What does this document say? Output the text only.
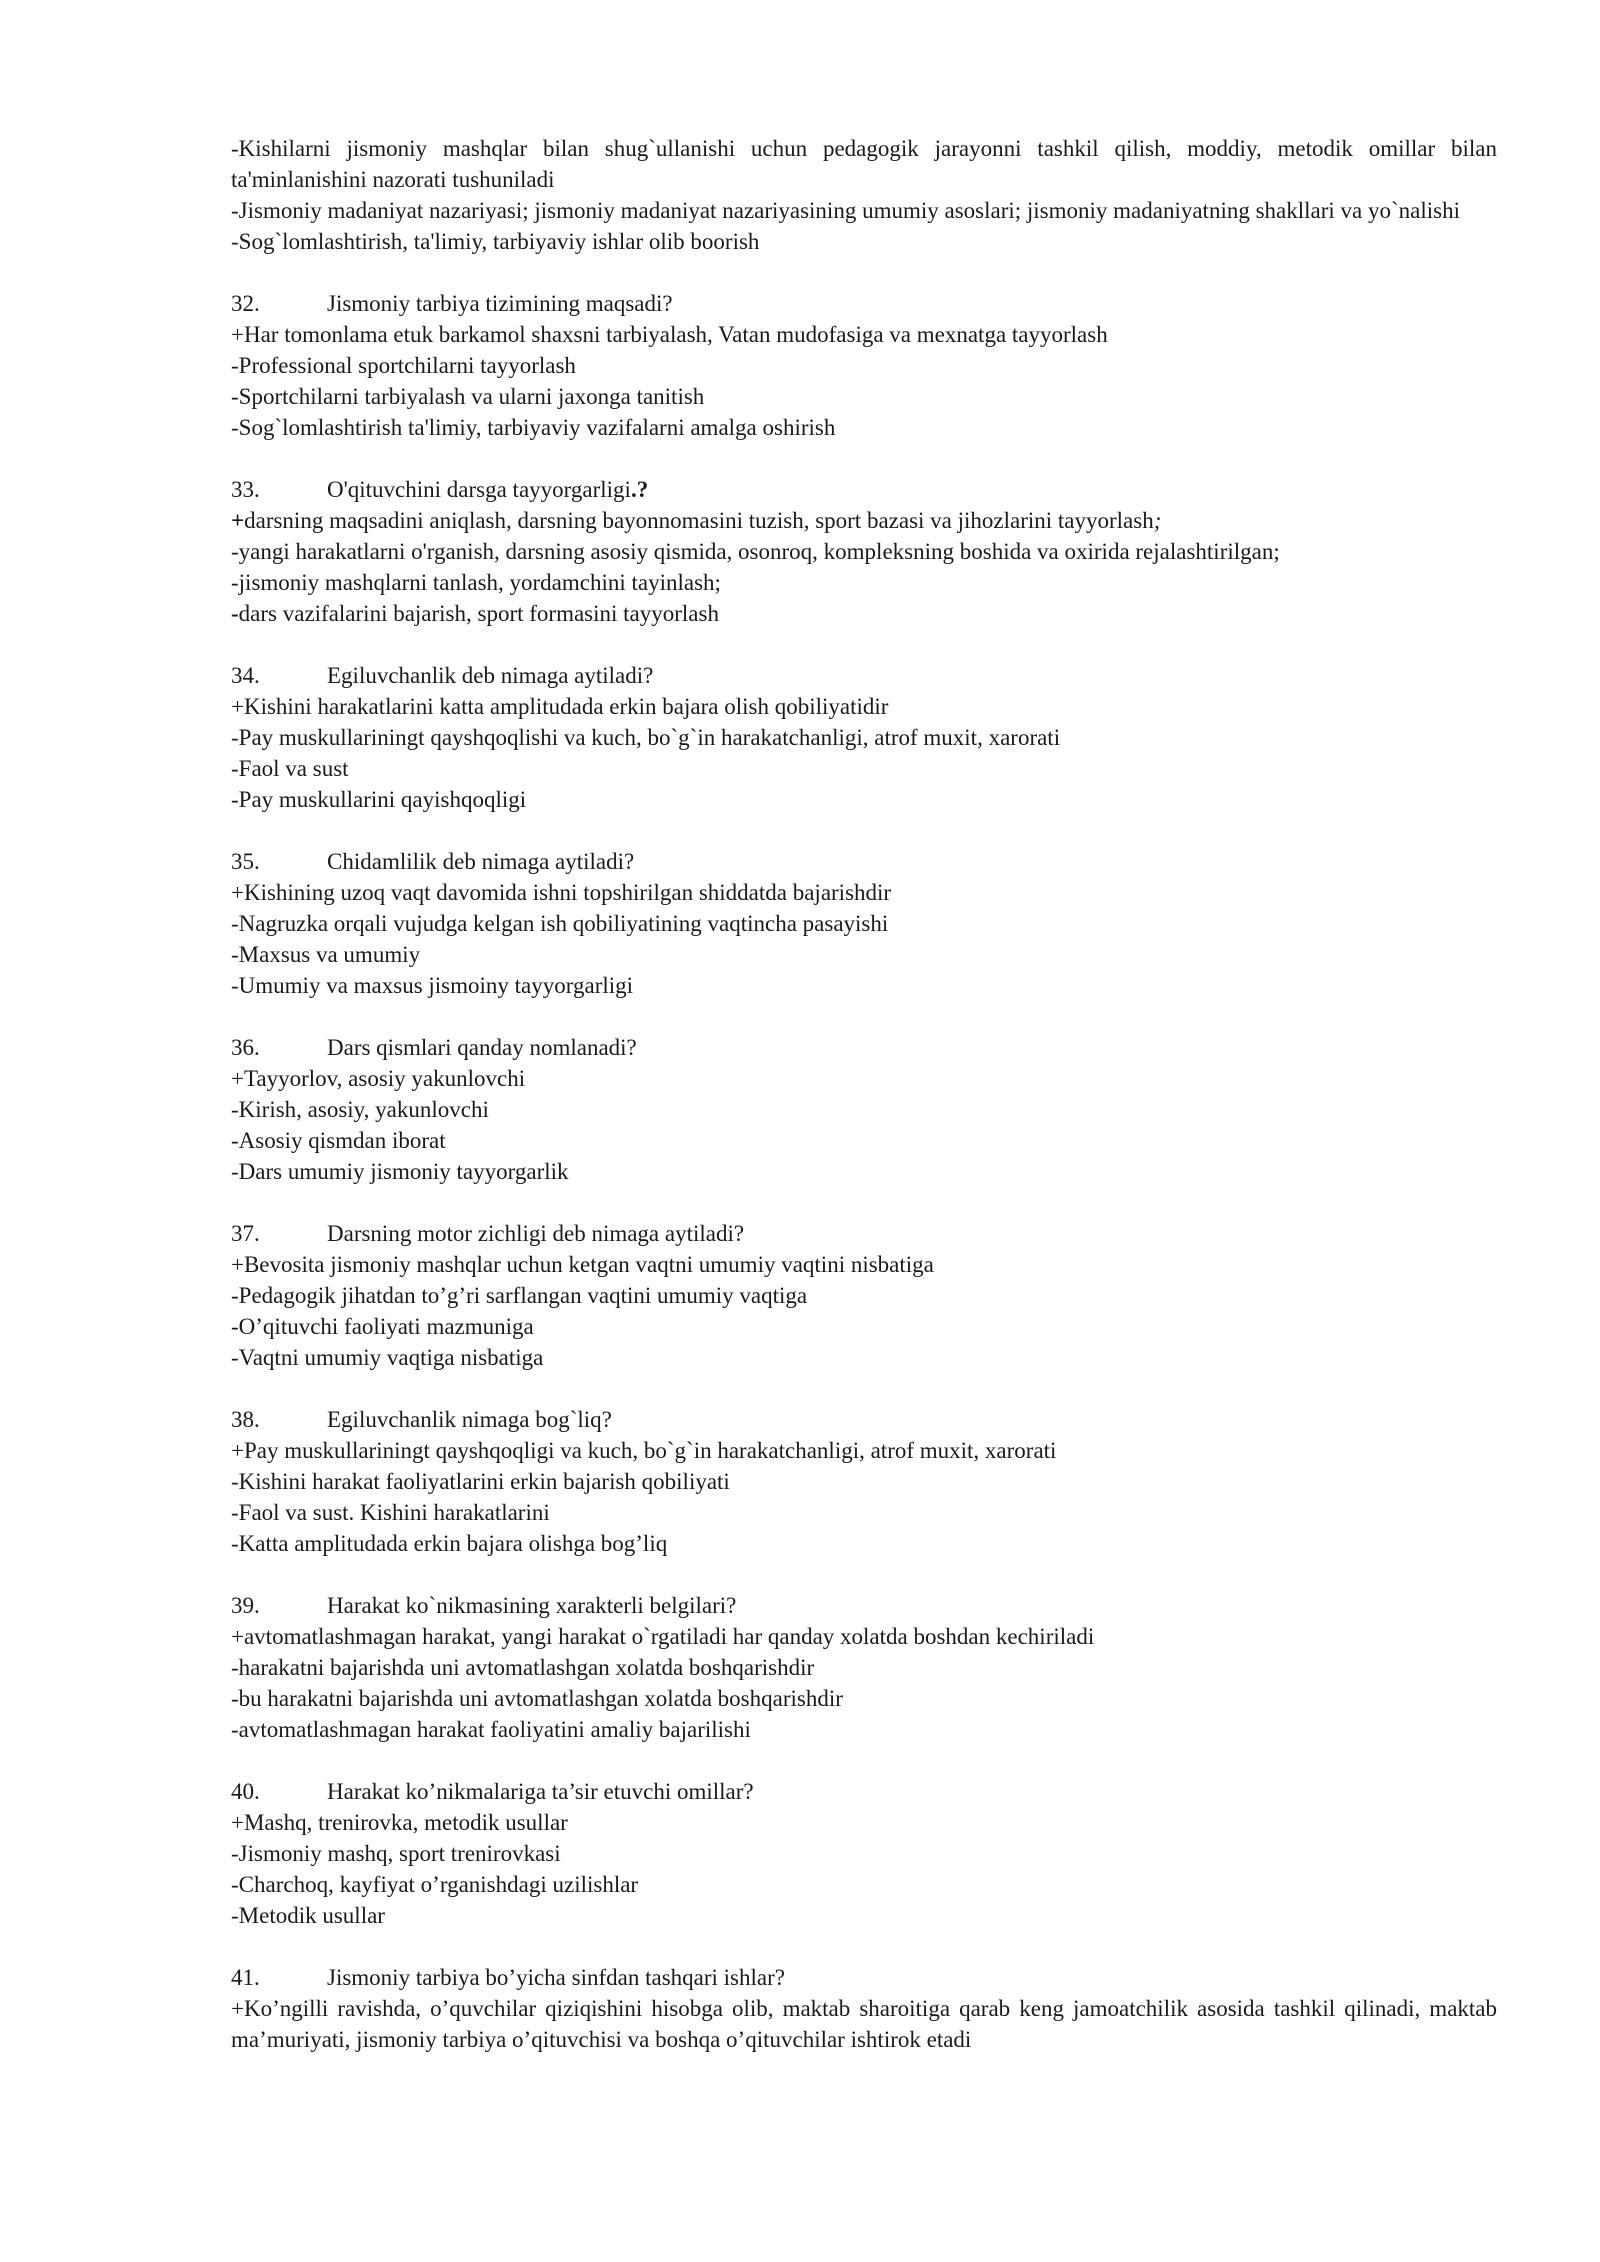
-Kishilarni jismoniy mashqlar bilan shug`ullanishi uchun pedagogik jarayonni tashkil qilish, moddiy, metodik omillar bilan ta'minlanishini nazorati tushuniladi

-Jismoniy madaniyat nazariyasi; jismoniy madaniyat nazariyasining umumiy asoslari; jismoniy madaniyatning shakllari va yo`nalishi

-Sog`lomlashtirish, ta'limiy, tarbiyaviy ishlar olib boorish

32.	Jismoniy tarbiya tizimining maqsadi?

+Har tomonlama etuk barkamol shaxsni tarbiyalash, Vatan mudofasiga va mexnatga tayyorlash

-Professional sportchilarni tayyorlash

-Sportchilarni tarbiyalash va ularni jaxonga tanitish

-Sog`lomlashtirish ta'limiy, tarbiyaviy vazifalarni amalga oshirish

33.	O'qituvchini darsga tayyorgarligi.?

+darsning maqsadini aniqlash, darsning bayonnomasini tuzish, sport bazasi va jihozlarini tayyorlash;

-yangi harakatlarni o'rganish, darsning asosiy qismida, osonroq, kompleksning boshida va oxirida rejalashtirilgan;

-jismoniy mashqlarni tanlash, yordamchini tayinlash;

-dars vazifalarini bajarish, sport formasini tayyorlash

34.	Egiluvchanlik deb nimaga aytiladi?

+Kishini harakatlarini katta amplitudada erkin bajara olish qobiliyatidir

-Pay muskullariningt qayshqoqlishi va kuch, bo`g`in harakatchanligi, atrof muxit, xarorati

-Faol va sust

-Pay muskullarini qayishqoqligi

35.	Chidamlilik deb nimaga aytiladi?

+Kishining uzoq vaqt davomida ishni topshirilgan shiddatda bajarishdir

-Nagruzka orqali vujudga kelgan ish qobiliyatining vaqtincha pasayishi

-Maxsus va umumiy

-Umumiy va maxsus jismoiny tayyorgarligi

36.	Dars qismlari qanday nomlanadi?

+Tayyorlov, asosiy yakunlovchi

-Kirish, asosiy, yakunlovchi

-Asosiy qismdan iborat

-Dars umumiy jismoniy tayyorgarlik

37.	Darsning motor zichligi deb nimaga aytiladi?

+Bevosita jismoniy mashqlar uchun ketgan vaqtni umumiy vaqtini nisbatiga

-Pedagogik jihatdan to’g’ri sarflangan vaqtini umumiy vaqtiga

-O’qituvchi faoliyati mazmuniga

-Vaqtni umumiy vaqtiga nisbatiga

38.	Egiluvchanlik nimaga bog`liq?

+Pay muskullariningt qayshqoqligi va kuch, bo`g`in harakatchanligi, atrof muxit, xarorati

-Kishini harakat faoliyatlarini erkin bajarish qobiliyati

-Faol va sust. Kishini harakatlarini

-Katta amplitudada erkin bajara olishga bog’liq

39.	Harakat ko`nikmasining xarakterli belgilari?

+avtomatlashmagan harakat, yangi harakat o`rgatiladi har qanday xolatda boshdan kechiriladi

-harakatni bajarishda uni avtomatlashgan xolatda boshqarishdir

-bu harakatni bajarishda uni avtomatlashgan xolatda boshqarishdir

-avtomatlashmagan harakat faoliyatini amaliy bajarilishi

40.	Harakat ko’nikmalariga ta’sir etuvchi omillar?

+Mashq, trenirovka, metodik usullar

-Jismoniy mashq, sport trenirovkasi

-Charchoq, kayfiyat o’rganishdagi uzilishlar

-Metodik usullar

41.	Jismoniy tarbiya bo’yicha sinfdan tashqari ishlar?

+Ko’ngilli ravishda, o’quvchilar qiziqishini hisobga olib, maktab sharoitiga qarab keng jamoatchilik asosida tashkil qilinadi, maktab ma’muriyati, jismoniy tarbiya o’qituvchisi va boshqa o’qituvchilar ishtirok etadi
